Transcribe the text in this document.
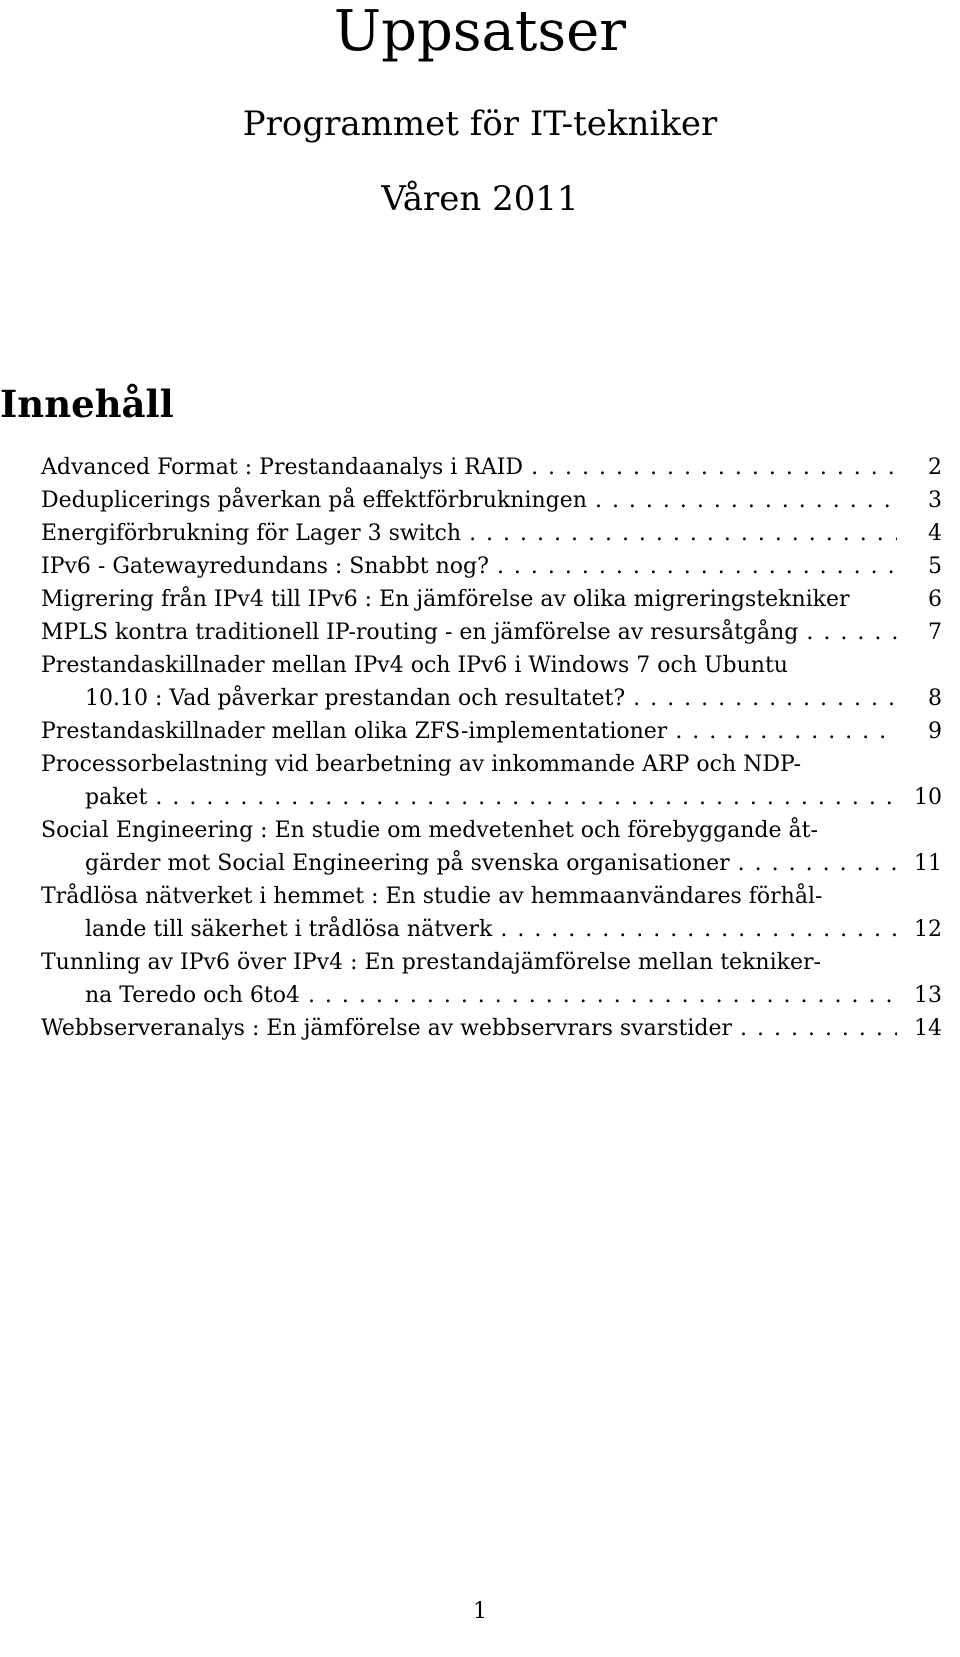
Uppsatser
Programmet för IT-tekniker
Våren 2011
Innehåll
Advanced Format : Prestandaanalys i RAID . . .	2
Deduplicerings påverkan på effektförbrukningen . . .	3
Energiförbrukning för Lager 3 switch . . .	4
IPv6 - Gatewayredundans : Snabbt nog? . . .	5
Migrering från IPv4 till IPv6 : En jämförelse av olika migreringstekniker	6
MPLS kontra traditionell IP-routing - en jämförelse av resursåtgång . . .	7
Prestandaskillnader mellan IPv4 och IPv6 i Windows 7 och Ubuntu
10.10 : Vad påverkar prestandan och resultatet? . . .	8
Prestandaskillnader mellan olika ZFS-implementationer . . .	9
Processorbelastning vid bearbetning av inkommande ARP och NDP-
paket . . .	10
Social Engineering : En studie om medvetenhet och förebyggande åt-
gärder mot Social Engineering på svenska organisationer . . .	11
Trådlösa nätverket i hemmet : En studie av hemmaanvändares förhål-
lande till säkerhet i trådlösa nätverk . . .	12
Tunnling av IPv6 över IPv4 : En prestandajämförelse mellan tekniker-
na Teredo och 6to4 . . .	13
Webbserveranalys : En jämförelse av webbservrars svarstider . . .	14
1
